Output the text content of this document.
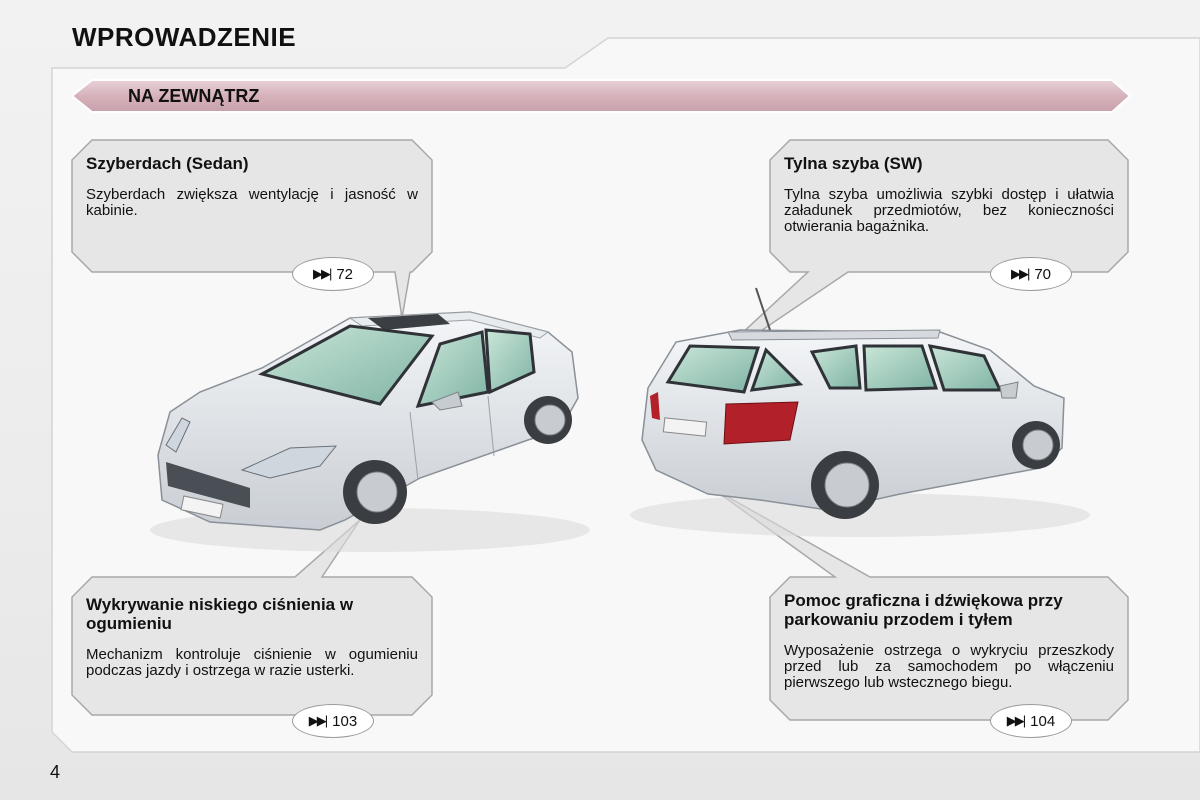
WPROWADZENIE
NA ZEWNĄTRZ
Szyberdach (Sedan)

Szyberdach zwiększa wentylację i jasność w kabinie.

▶▶| 72
Tylna szyba (SW)

Tylna szyba umożliwia szybki dostęp i ułatwia załadunek przedmiotów, bez konieczności otwierania bagażnika.

▶▶| 70
Wykrywanie niskiego ciśnienia w ogumieniu

Mechanizm kontroluje ciśnienie w ogumieniu podczas jazdy i ostrzega w razie usterki.

▶▶| 103
Pomoc graficzna i dźwiękowa przy parkowaniu przodem i tyłem

Wyposażenie ostrzega o wykryciu przeszkody przed lub za samochodem po włączeniu pierwszego lub wstecznego biegu.

▶▶| 104
4
